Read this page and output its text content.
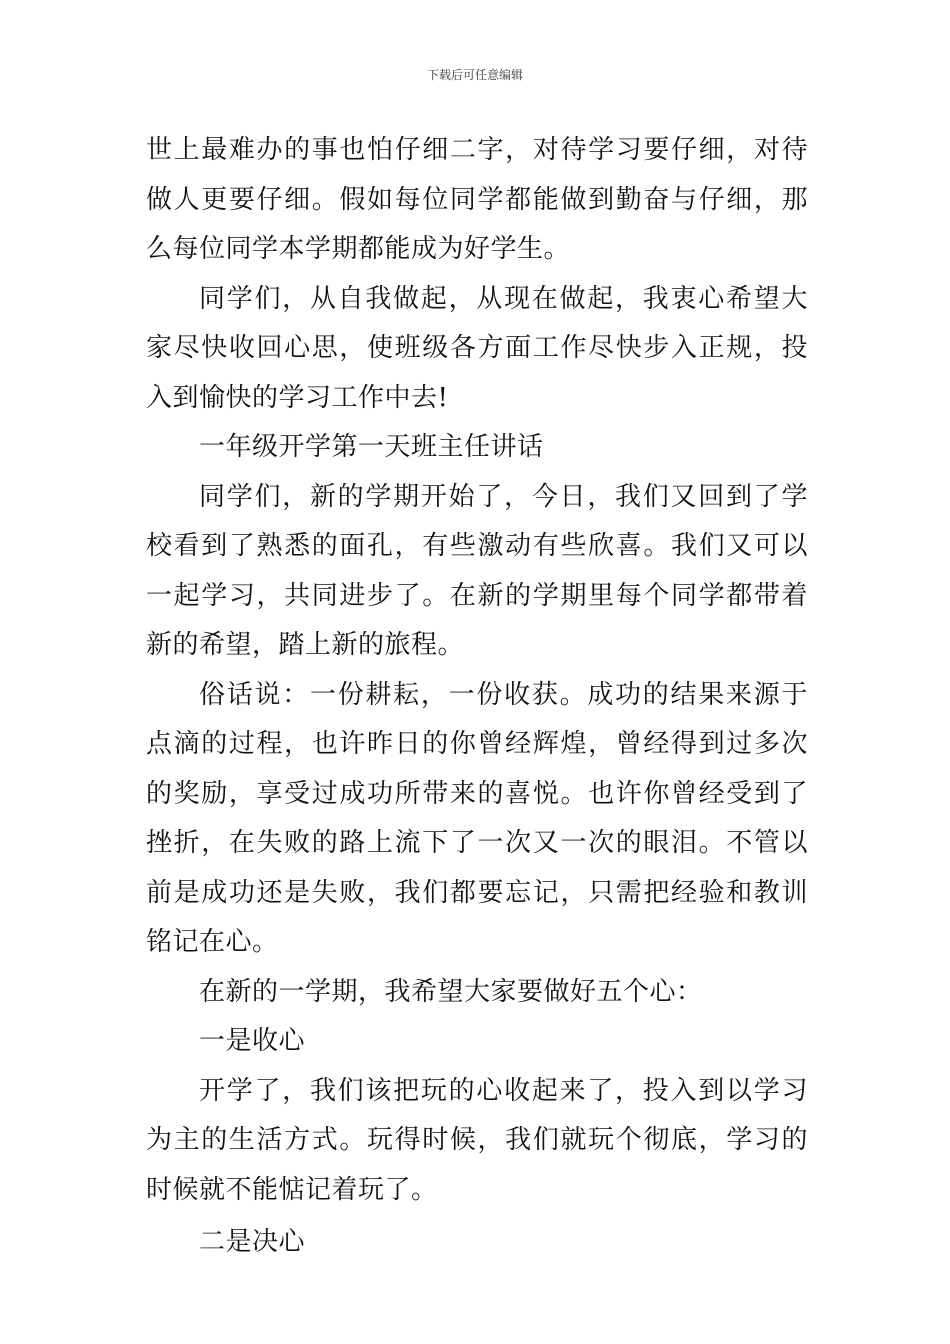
下载后可任意编辑

世上最难办的事也怕仔细二字，对待学习要仔细，对待做人更要仔细。假如每位同学都能做到勤奋与仔细，那么每位同学本学期都能成为好学生。

同学们，从自我做起，从现在做起，我衷心希望大家尽快收回心思，使班级各方面工作尽快步入正规，投入到愉快的学习工作中去!

一年级开学第一天班主任讲话

同学们，新的学期开始了，今日，我们又回到了学校看到了熟悉的面孔，有些激动有些欣喜。我们又可以一起学习，共同进步了。在新的学期里每个同学都带着新的希望，踏上新的旅程。

俗话说：一份耕耘，一份收获。成功的结果来源于点滴的过程，也许昨日的你曾经辉煌，曾经得到过多次的奖励，享受过成功所带来的喜悦。也许你曾经受到了挫折，在失败的路上流下了一次又一次的眼泪。不管以前是成功还是失败，我们都要忘记，只需把经验和教训铭记在心。

在新的一学期，我希望大家要做好五个心：

一是收心

开学了，我们该把玩的心收起来了，投入到以学习为主的生活方式。玩得时候，我们就玩个彻底，学习的时候就不能惦记着玩了。

二是决心
